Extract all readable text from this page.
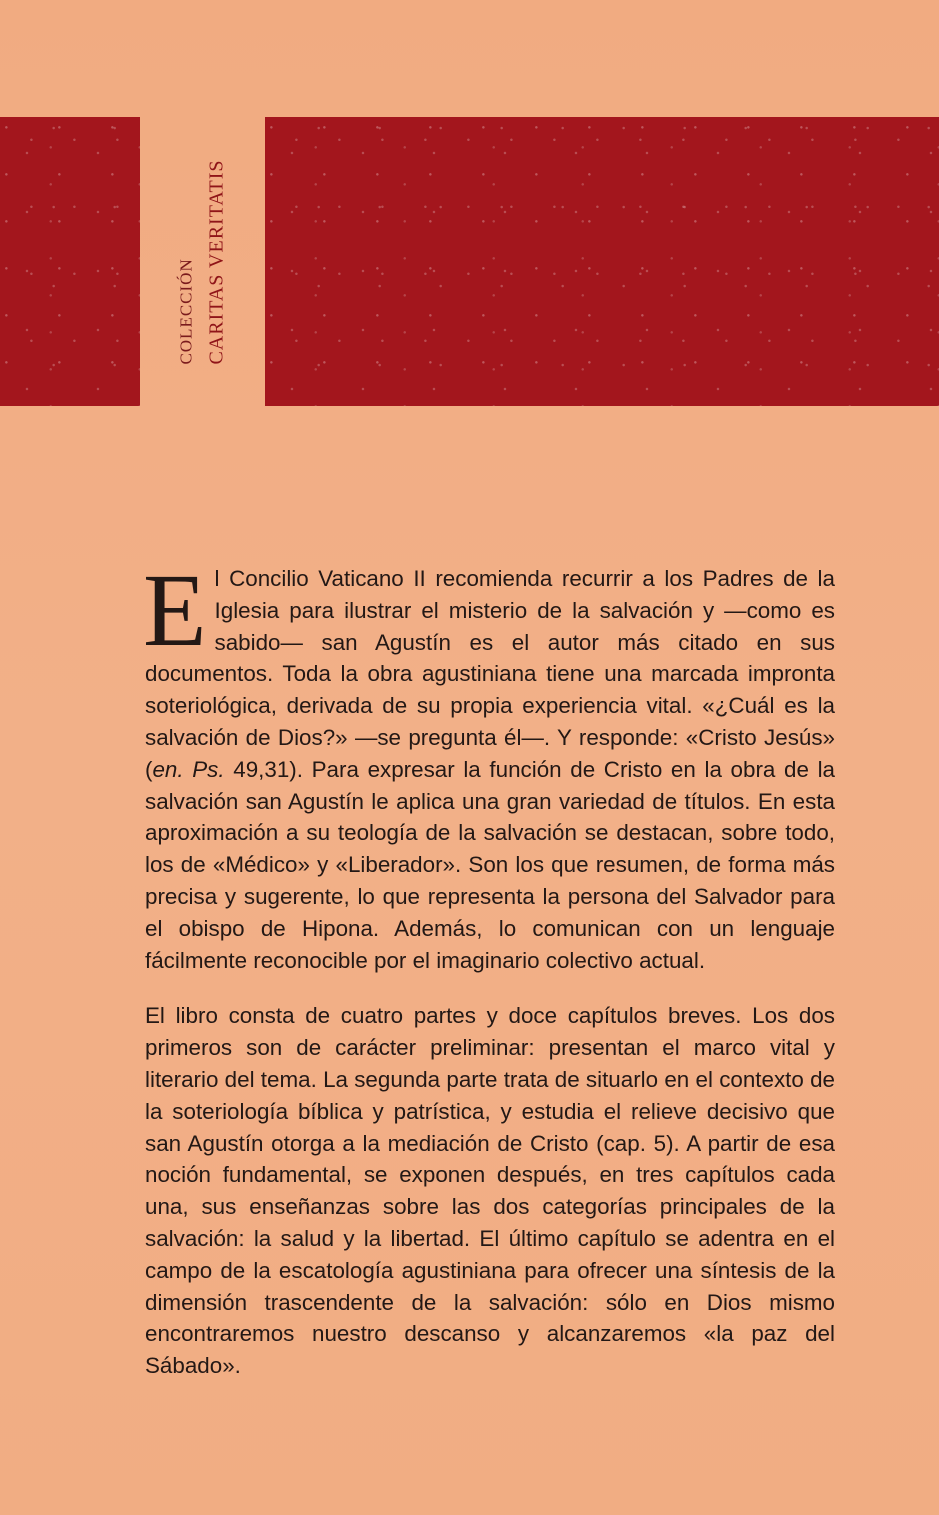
COLECCIÓN CARITAS VERITATIS

El Concilio Vaticano II recomienda recurrir a los Padres de la Iglesia para ilustrar el misterio de la salvación y —como es sabido— san Agustín es el autor más citado en sus documentos. Toda la obra agustiniana tiene una marcada impronta soteriológica, derivada de su propia experiencia vital. «¿Cuál es la salvación de Dios?» —se pregunta él—. Y responde: «Cristo Jesús» (en. Ps. 49,31). Para expresar la función de Cristo en la obra de la salvación san Agustín le aplica una gran variedad de títulos. En esta aproximación a su teología de la salvación se destacan, sobre todo, los de «Médico» y «Liberador». Son los que resumen, de forma más precisa y sugerente, lo que representa la persona del Salvador para el obispo de Hipona. Además, lo comunican con un lenguaje fácilmente reconocible por el imaginario colectivo actual.

El libro consta de cuatro partes y doce capítulos breves. Los dos primeros son de carácter preliminar: presentan el marco vital y literario del tema. La segunda parte trata de situarlo en el contexto de la soteriología bíblica y patrística, y estudia el relieve decisivo que san Agustín otorga a la mediación de Cristo (cap. 5). A partir de esa noción fundamental, se exponen después, en tres capítulos cada una, sus enseñanzas sobre las dos categorías principales de la salvación: la salud y la libertad. El último capítulo se adentra en el campo de la escatología agustiniana para ofrecer una síntesis de la dimensión trascendente de la salvación: sólo en Dios mismo encontraremos nuestro descanso y alcanzaremos «la paz del Sábado».
